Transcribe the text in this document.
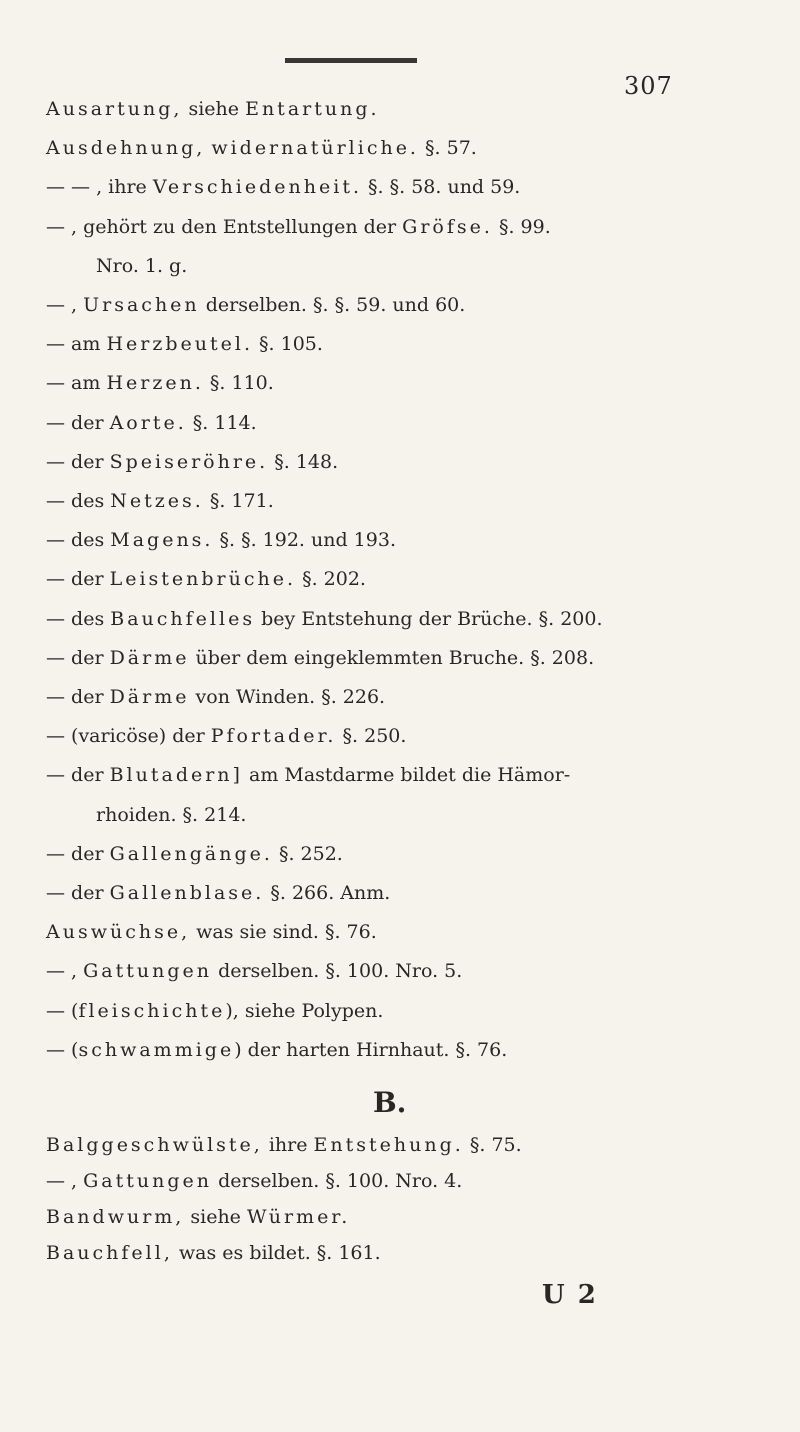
307
Ausartung, siehe Entartung.
Ausdehnung, widernatürliche. §. 57.
— — , ihre Verschiedenheit. §. §. 58. und 59.
— , gehört zu den Entstellungen der Gröfse. §. 99.
Nro. 1. g.
— , Ursachen derselben. §. §. 59. und 60.
— am Herzbeutel. §. 105.
— am Herzen. §. 110.
— der Aorte. §. 114.
— der Speiseröhre. §. 148.
— des Netzes. §. 171.
— des Magens. §. §. 192. und 193.
— der Leistenbrüche. §. 202.
— des Bauchfelles bey Entstehung der Brüche. §. 200.
— der Därme über dem eingeklemmten Bruche. §. 208.
— der Därme von Winden. §. 226.
— (varicöse) der Pfortader. §. 250.
— der Blutadern] am Mastdarme bildet die Hämor-
rhoiden. §. 214.
— der Gallengänge. §. 252.
— der Gallenblase. §. 266. Anm.
Auswüchse, was sie sind. §. 76.
— , Gattungen derselben. §. 100. Nro. 5.
— (fleischichte), siehe Polypen.
— (schwammige) der harten Hirnhaut. §. 76.
B.
Balggeschwülste, ihre Entstehung. §. 75.
— , Gattungen derselben. §. 100. Nro. 4.
Bandwurm, siehe Würmer.
Bauchfell, was es bildet. §. 161.
U 2
